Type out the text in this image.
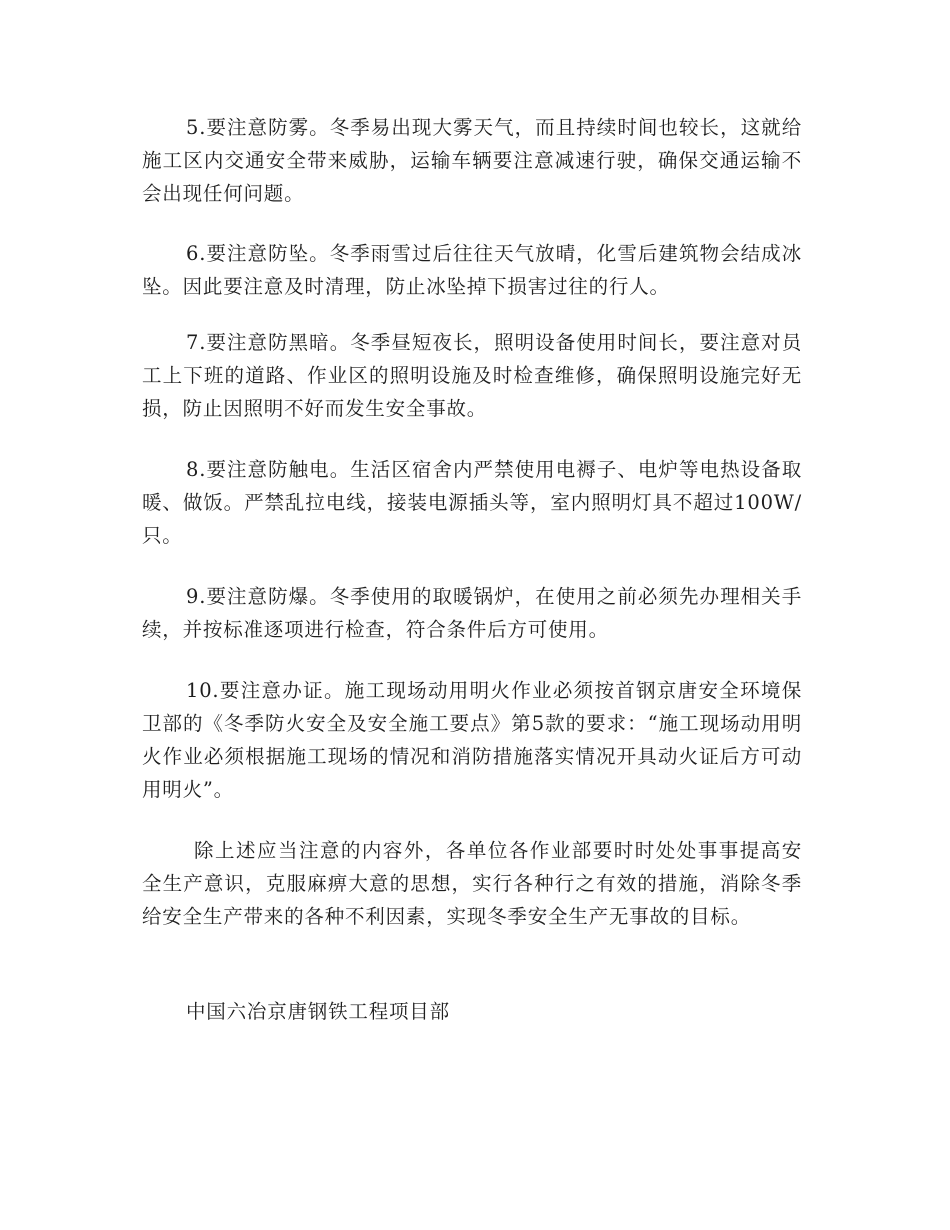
5.要注意防雾。冬季易出现大雾天气，而且持续时间也较长，这就给施工区内交通安全带来威胁，运输车辆要注意减速行驶，确保交通运输不会出现任何问题。

6.要注意防坠。冬季雨雪过后往往天气放晴，化雪后建筑物会结成冰坠。因此要注意及时清理，防止冰坠掉下损害过往的行人。

7.要注意防黑暗。冬季昼短夜长，照明设备使用时间长，要注意对员工上下班的道路、作业区的照明设施及时检查维修，确保照明设施完好无损，防止因照明不好而发生安全事故。

8.要注意防触电。生活区宿舍内严禁使用电褥子、电炉等电热设备取暖、做饭。严禁乱拉电线，接装电源插头等，室内照明灯具不超过100W/只。

9.要注意防爆。冬季使用的取暖锅炉，在使用之前必须先办理相关手续，并按标准逐项进行检查，符合条件后方可使用。

10.要注意办证。施工现场动用明火作业必须按首钢京唐安全环境保卫部的《冬季防火安全及安全施工要点》第5款的要求：“施工现场动用明火作业必须根据施工现场的情况和消防措施落实情况开具动火证后方可动用明火”。

除上述应当注意的内容外，各单位各作业部要时时处处事事提高安全生产意识，克服麻痹大意的思想，实行各种行之有效的措施，消除冬季给安全生产带来的各种不利因素，实现冬季安全生产无事故的目标。

中国六冶京唐钢铁工程项目部
